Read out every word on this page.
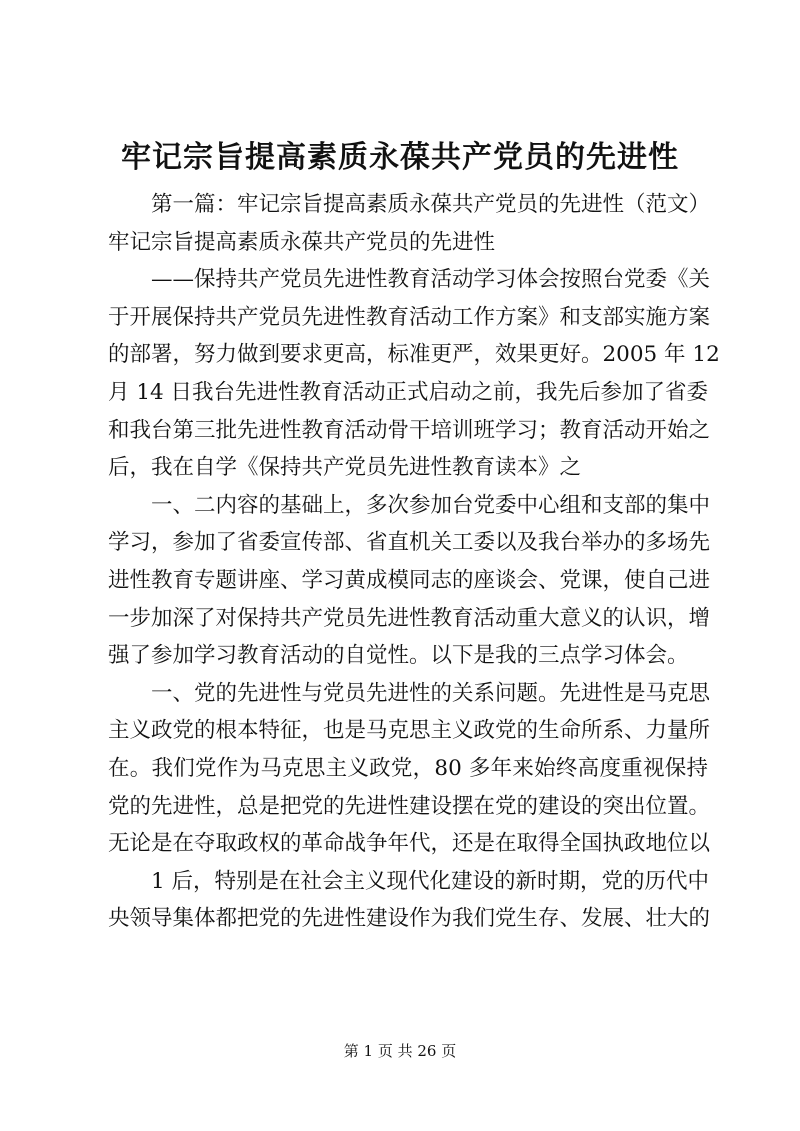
牢记宗旨提高素质永葆共产党员的先进性
第一篇：牢记宗旨提高素质永葆共产党员的先进性（范文）
牢记宗旨提高素质永葆共产党员的先进性
——保持共产党员先进性教育活动学习体会按照台党委《关
于开展保持共产党员先进性教育活动工作方案》和支部实施方案
的部署，努力做到要求更高，标准更严，效果更好。2005 年 12
月 14 日我台先进性教育活动正式启动之前，我先后参加了省委
和我台第三批先进性教育活动骨干培训班学习；教育活动开始之
后，我在自学《保持共产党员先进性教育读本》之
一、二内容的基础上，多次参加台党委中心组和支部的集中
学习，参加了省委宣传部、省直机关工委以及我台举办的多场先
进性教育专题讲座、学习黄成模同志的座谈会、党课，使自己进
一步加深了对保持共产党员先进性教育活动重大意义的认识，增
强了参加学习教育活动的自觉性。以下是我的三点学习体会。
一、党的先进性与党员先进性的关系问题。先进性是马克思
主义政党的根本特征，也是马克思主义政党的生命所系、力量所
在。我们党作为马克思主义政党，80 多年来始终高度重视保持
党的先进性，总是把党的先进性建设摆在党的建设的突出位置。
无论是在夺取政权的革命战争年代，还是在取得全国执政地位以
1 后，特别是在社会主义现代化建设的新时期，党的历代中
央领导集体都把党的先进性建设作为我们党生存、发展、壮大的
第 1 页 共 26 页
